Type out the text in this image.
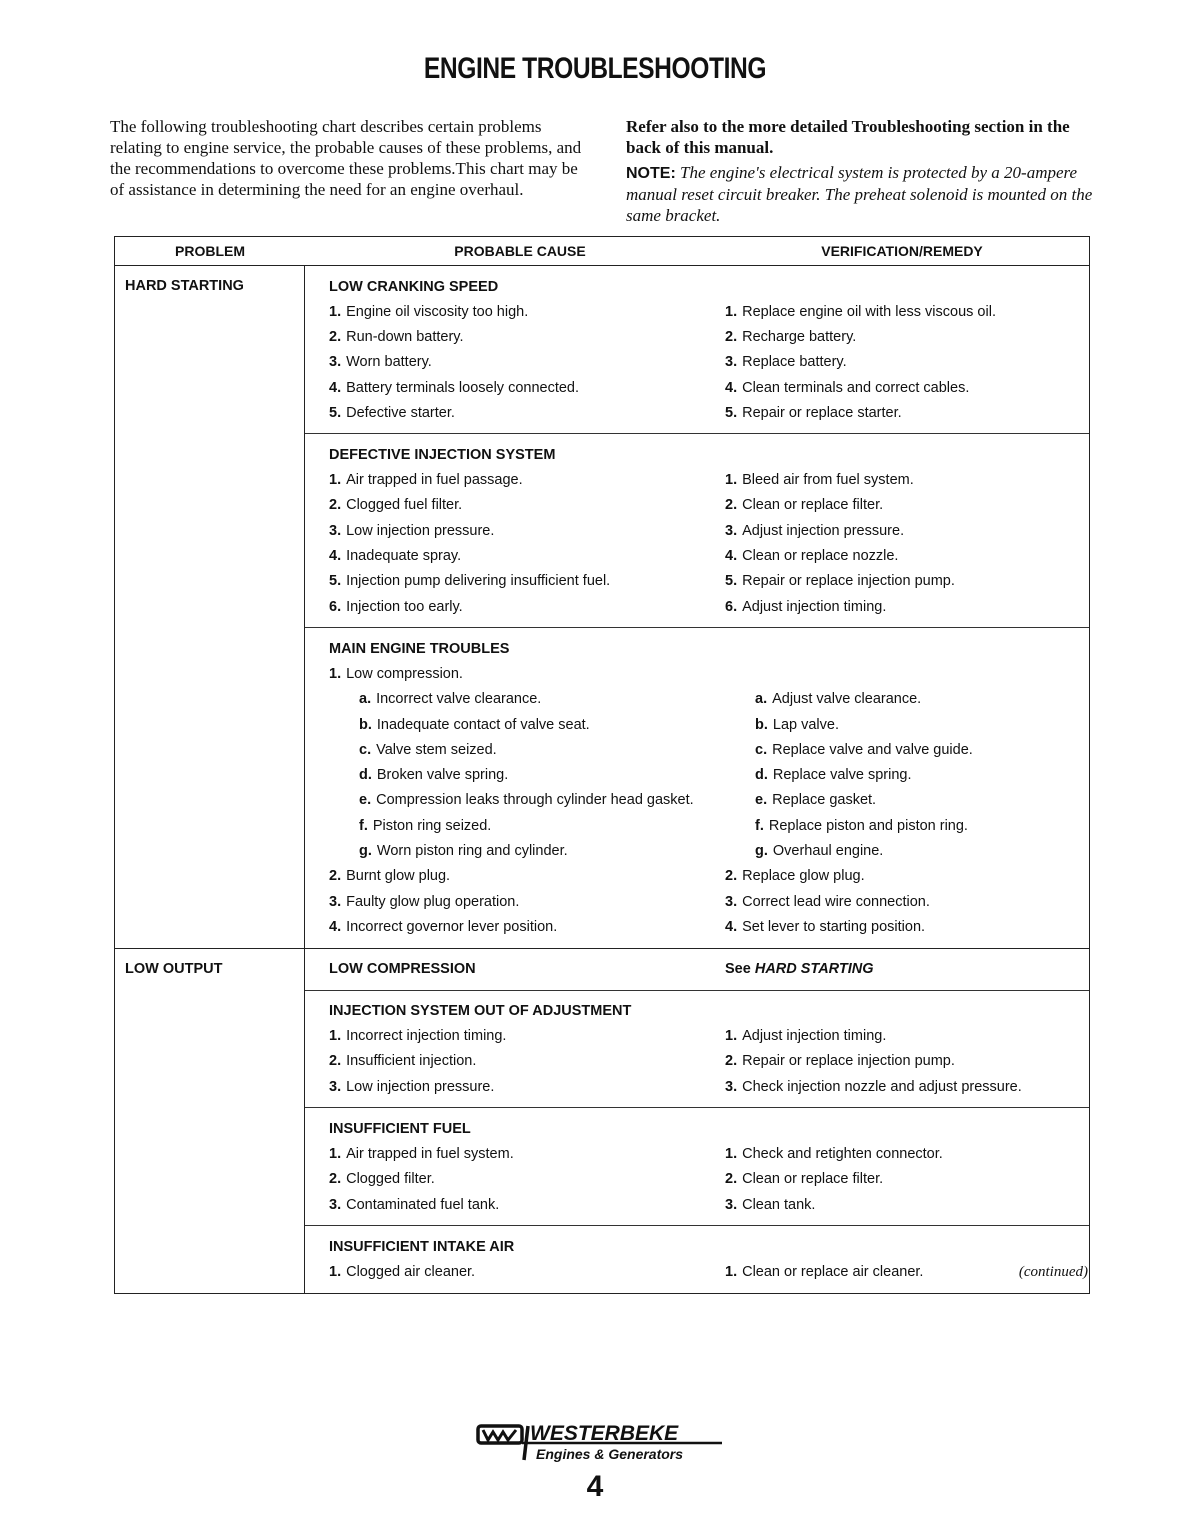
ENGINE TROUBLESHOOTING
The following troubleshooting chart describes certain problems relating to engine service, the probable causes of these problems, and the recommendations to overcome these problems.This chart may be of assistance in determining the need for an engine overhaul.
Refer also to the more detailed Troubleshooting section in the back of this manual.
NOTE: The engine's electrical system is protected by a 20-ampere manual reset circuit breaker. The preheat solenoid is mounted on the same bracket.
PROBLEM	PROBABLE CAUSE	VERIFICATION/REMEDY
HARD STARTING	LOW CRANKING SPEED
1. Engine oil viscosity too high.	1. Replace engine oil with less viscous oil.
2. Run-down battery.	2. Recharge battery.
3. Worn battery.	3. Replace battery.
4. Battery terminals loosely connected.	4. Clean terminals and correct cables.
5. Defective starter.	5. Repair or replace starter.
DEFECTIVE INJECTION SYSTEM
1. Air trapped in fuel passage.	1. Bleed air from fuel system.
2. Clogged fuel filter.	2. Clean or replace filter.
3. Low injection pressure.	3. Adjust injection pressure.
4. Inadequate spray.	4. Clean or replace nozzle.
5. Injection pump delivering insufficient fuel.	5. Repair or replace injection pump.
6. Injection too early.	6. Adjust injection timing.
MAIN ENGINE TROUBLES
1. Low compression.
a. Incorrect valve clearance.	a. Adjust valve clearance.
b. Inadequate contact of valve seat.	b. Lap valve.
c. Valve stem seized.	c. Replace valve and valve guide.
d. Broken valve spring.	d. Replace valve spring.
e. Compression leaks through cylinder head gasket.	e. Replace gasket.
f. Piston ring seized.	f. Replace piston and piston ring.
g. Worn piston ring and cylinder.	g. Overhaul engine.
2. Burnt glow plug.	2. Replace glow plug.
3. Faulty glow plug operation.	3. Correct lead wire connection.
4. Incorrect governor lever position.	4. Set lever to starting position.
LOW OUTPUT	LOW COMPRESSION	See HARD STARTING
INJECTION SYSTEM OUT OF ADJUSTMENT
1. Incorrect injection timing.	1. Adjust injection timing.
2. Insufficient injection.	2. Repair or replace injection pump.
3. Low injection pressure.	3. Check injection nozzle and adjust pressure.
INSUFFICIENT FUEL
1. Air trapped in fuel system.	1. Check and retighten connector.
2. Clogged filter.	2. Clean or replace filter.
3. Contaminated fuel tank.	3. Clean tank.
INSUFFICIENT INTAKE AIR
1. Clogged air cleaner.	1. Clean or replace air cleaner.	(continued)
WESTERBEKE
Engines & Generators
4
